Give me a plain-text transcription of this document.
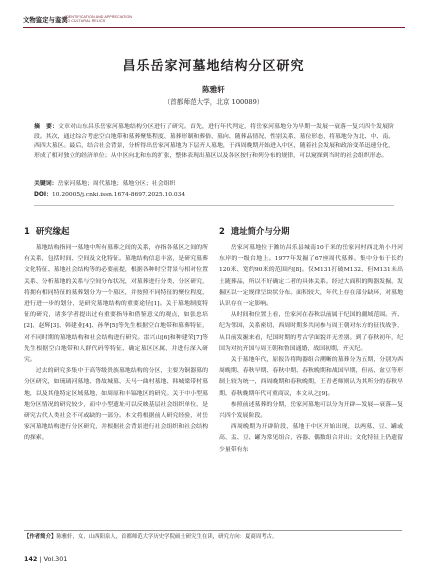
文物鉴定与鉴赏
IDENTIFICATION AND APPRECIATION
TO CULTURAL RELICS
昌乐岳家河墓地结构分区研究
陈雅轩
（首都师范大学，北京 100089）
摘　要：文章对山东昌乐岳家河墓地结构分区进行了研究。首先，进行年代判定，将岳家河墓地分为早期一发展一衰落一复兴四个发展阶段。其次，通过综合考虑空白地带和墓葬聚集程度、墓葬形制和葬俗、墓向、随葬品情况、性别关系、墓位形态，将墓地分为北、中、南、西四大墓区。最后，结合社会背景，分析得出岳家河墓地为下层齐人墓地，于西周晚期开始进入中区，随着社会发展和政治变革迅速分化，形成了相对独立的经济单位；从中区向北和东的扩张，整体表现出墓区以及各区按行和列分布的规律，可以窥探到当时的社会组织形态。
关键词：岳家河墓地；周代墓地；墓地分区；社会组织
DOI：10.20005/j.cnki.issn.1674-8697.2025.10.034
1 研究缘起

墓地结构指同一墓地中所有墓葬之间的关系，亦指各墓区之间的所有关系，包括时间、空间及文化特征。墓地结构信息丰富，是研究墓葬文化特征、墓地社会结构等的必要前提，根据各种时空背景与相对位置关系、分析墓地的关系与空间分布状况，对墓葬进行分类、分区研究，将拥有相同特征的墓葬划分为一个墓区，并按照不同特征的聚位程度，进行进一步的划分，是研究墓地结构的重要途径[1]。关于墓地制度特征的研究，诸多学者提出过有重要指导和借鉴意义的观点，如张忠培[2]、赵辉[3]、韩建业[4]、孙华[5]等先生根据空白地带和墓葬特征，对不同时期的墓地结构和社会结构进行研究。雷兴山[6]和种建荣[7]等先生根据空白地带和人群代码等特征，确定墓区区属，并进行深入研究。

过去的研究多集中于高等级贵族墓地结构的分区，主要为铜器墓的分区研究，如琉璃河墓地、鲁故城墓、天马一曲村墓地、韩城梁带村墓地，以及其他特定区域墓地，如周原和丰镐地区的研究。关于中小型墓地分区情况的研究较少，而中小型遗址可以反映基层社会组织单位，是研究古代人类社会不可或缺的一部分。本文将根据前人研究经验，对岳家河墓地结构进行分区研究，并根据社会背景进行社会组织和社会结构的探索。

2 遗址简介与分期

岳家河墓地位于潍坊昌乐县城南10千米的岳家河村西北角小丹河东岸的一级台地上。1977年发掘了67座周代墓葬。集中分布于长约120米、宽约90米的范围内[8]。仅M131打破M132、但M131未出土随葬品，所以不好确定二者的具体关系。经过大面积的陶器发掘，发掘区以一定规律呈块状分布。面积较大，年代上存在部分缺环，对墓地认识存在一定影响。

从时间和位置上看，岳家河在春秋以前属于纪国的疆域范围。齐、纪为邻国，关系密切，西周时期多共同参与周王朝对东方的征伐战争，从目前发掘来看，纪国时期的考古学面貌并无差别。到了春秋初年，纪国为对抗齐国与周王朝和鲁国通婚，战国初期，齐灭纪。

关于墓地年代，原报告将陶器组合溯晰的墓葬分为五期，分别为西周晚期、春秋早期、春秋中期、春秋晚期和战国早期，但鬲、盆豆等形制上较为统一，西周晚期和春秋晚期，王青老师则认为其所分的春秋早期、春秋晚期年代可重商议，本文从之[9]。

参照前述墓葬的分期，岳家河墓地可以分为开辟—发展—衰落—复兴四个发展阶段。

西周晚期为开辟阶段，墓地于中区开始出现，以两墓、豆、罐或高、盂、豆、罐为常见组合，容器、偶数组合并出；文化特征上仍遗留少量带有东

【作者简介】陈雅轩，女，山西阳泉人，首都师范大学历史学院硕士研究生在读，研究方向：夏商周考古。
142 | Vol.301
